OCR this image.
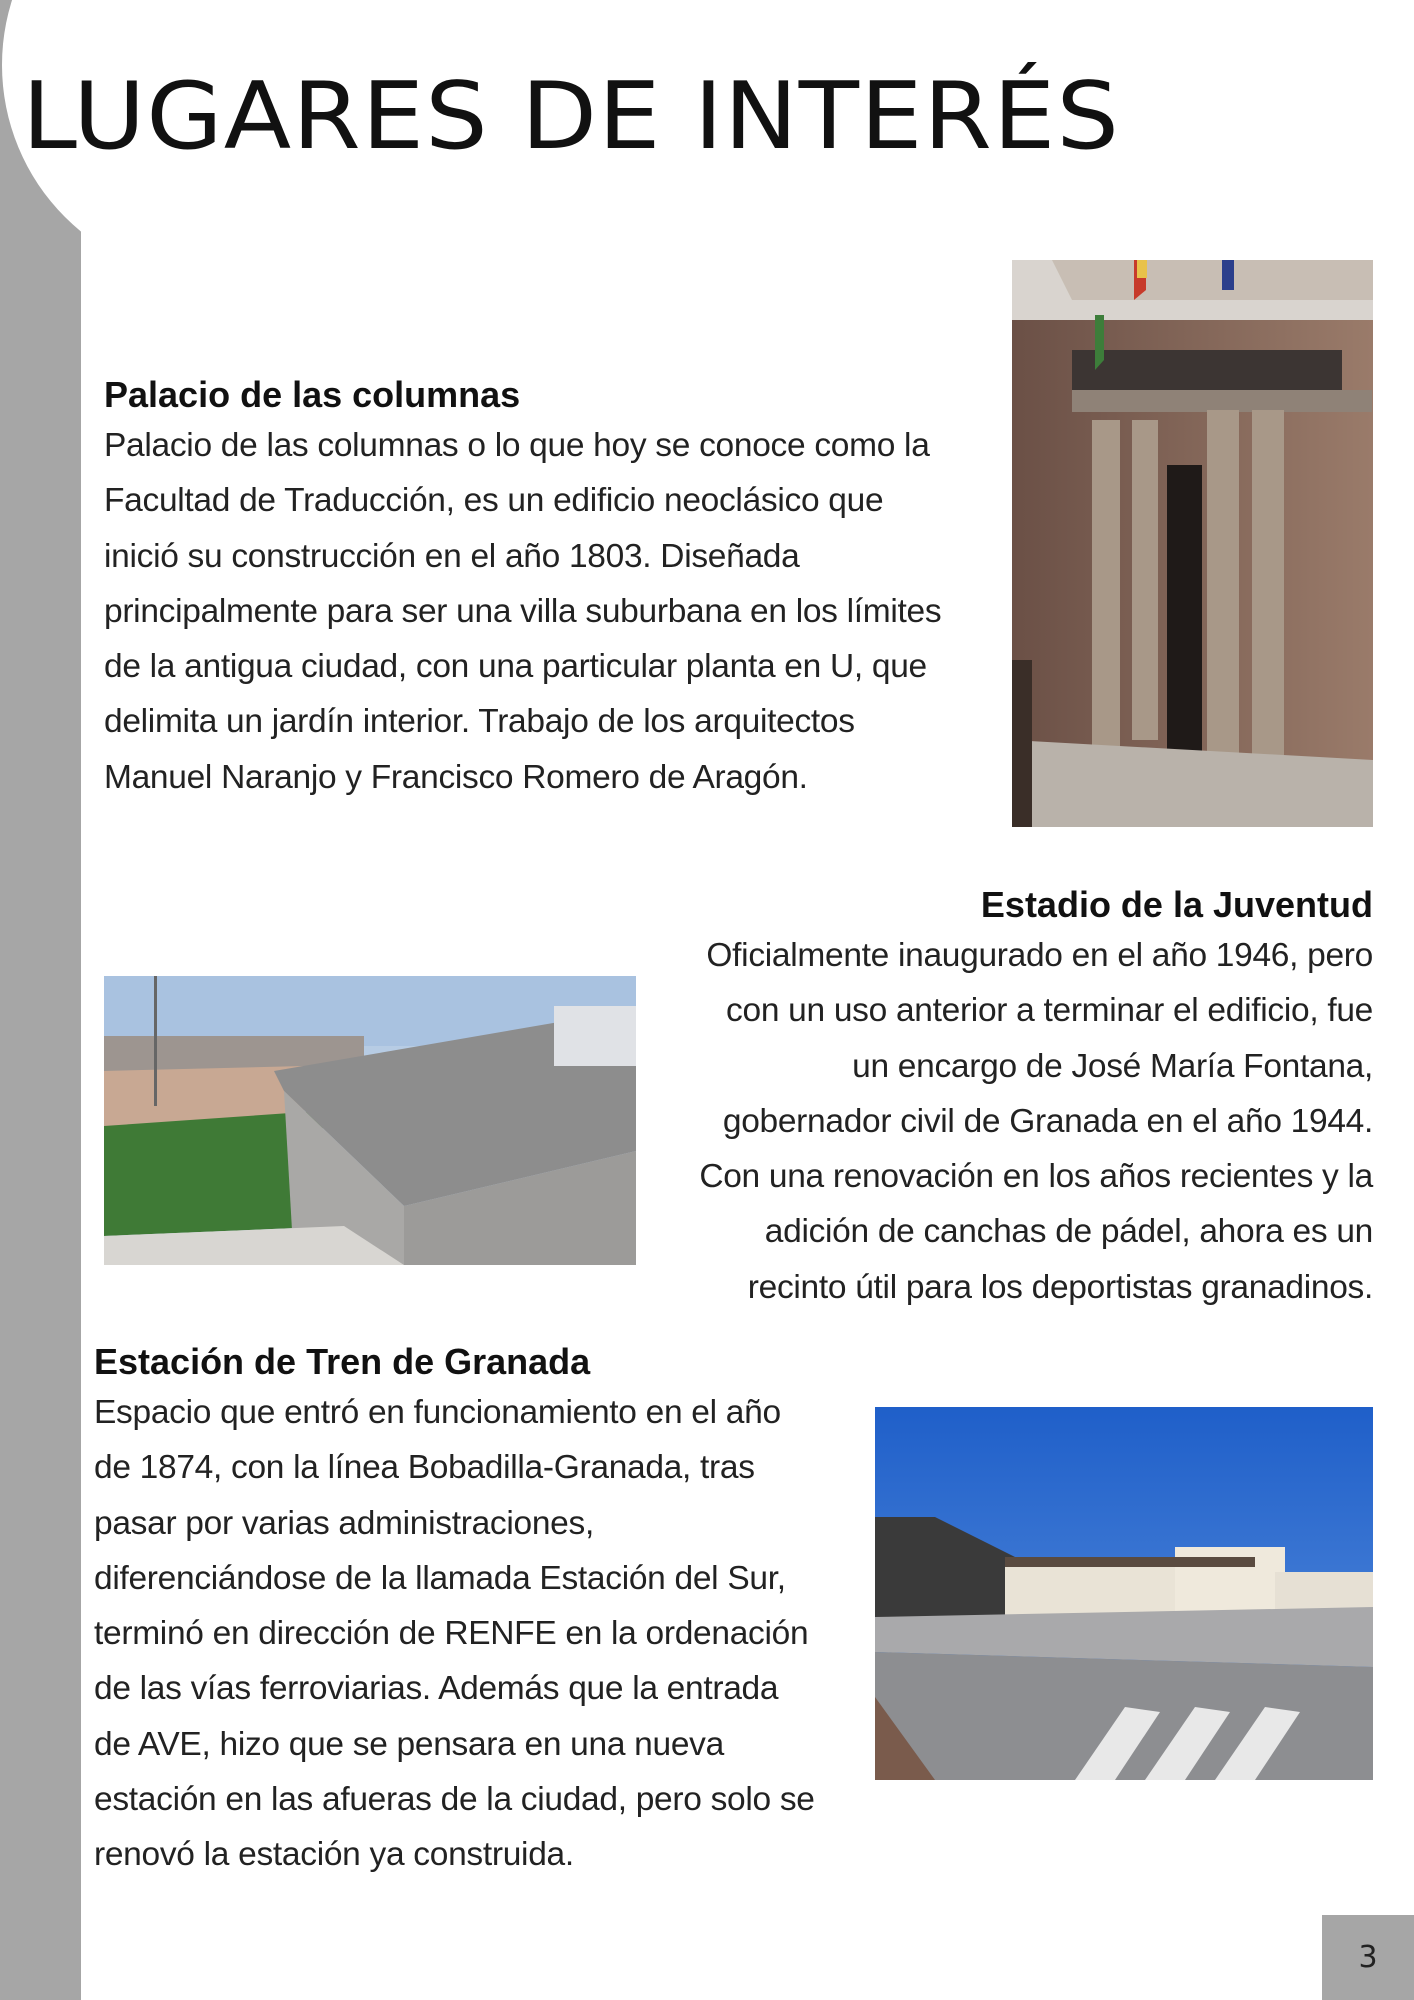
LUGARES DE INTERÉS
Palacio de las columnas

Palacio de las columnas o lo que hoy se conoce como la
Facultad de Traducción, es un edificio neoclásico que
inició su construcción en el año 1803. Diseñada
principalmente para ser una villa suburbana en los límites
de la antigua ciudad, con una particular planta en U, que
delimita un jardín interior. Trabajo de los arquitectos
Manuel Naranjo y Francisco Romero de Aragón.

Estadio de la Juventud

Oficialmente inaugurado en el año 1946, pero
con un uso anterior a terminar el edificio, fue
un encargo de José María Fontana,
gobernador civil de Granada en el año 1944.
Con una renovación en los años recientes y la
adición de canchas de pádel, ahora es un
recinto útil para los deportistas granadinos.

Estación de Tren de Granada

Espacio que entró en funcionamiento en el año
de 1874, con la línea Bobadilla-Granada, tras
pasar por varias administraciones,
diferenciándose de la llamada Estación del Sur,
terminó en dirección de RENFE en la ordenación
de las vías ferroviarias. Además que la entrada
de AVE, hizo que se pensara en una nueva
estación en las afueras de la ciudad, pero solo se
renovó la estación ya construida.

3
